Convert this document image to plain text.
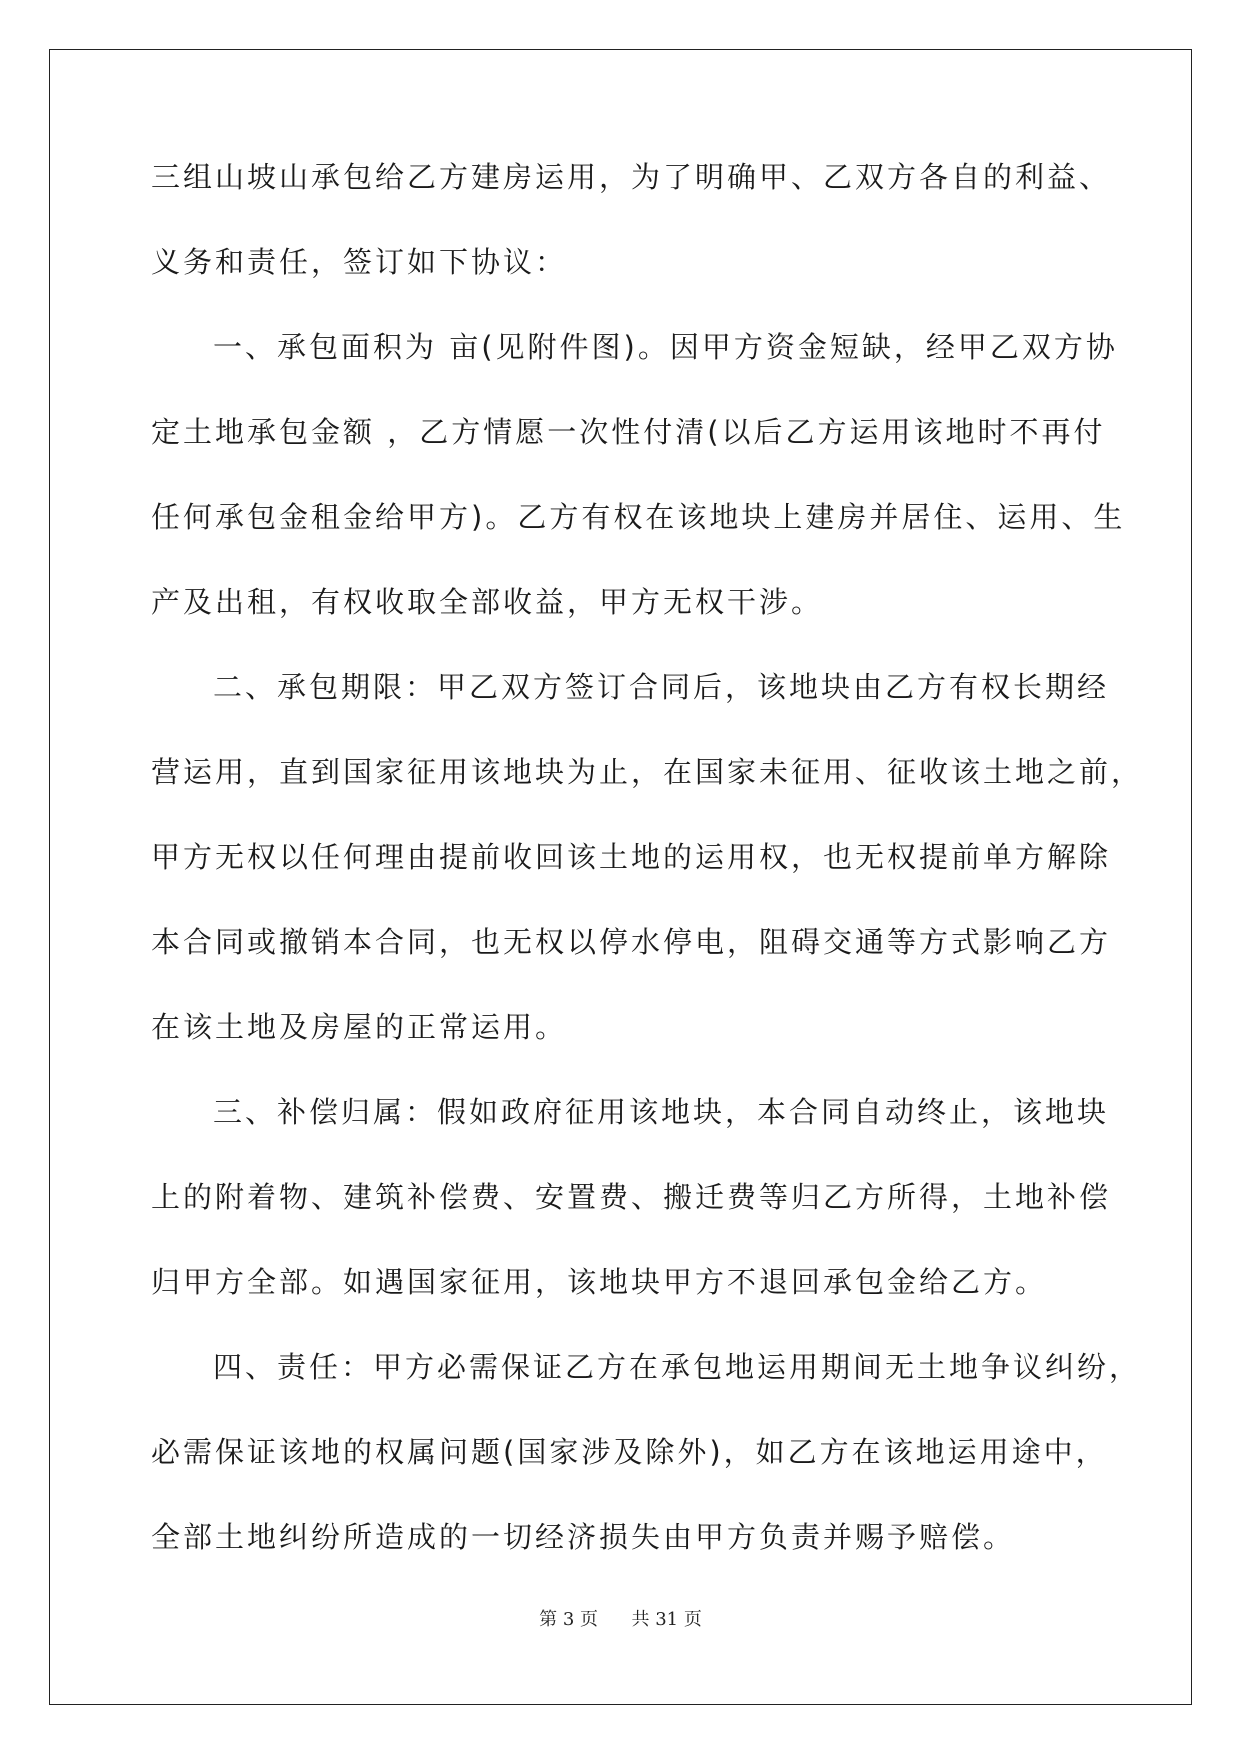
三组山坡山承包给乙方建房运用，为了明确甲、乙双方各自的利益、

义务和责任，签订如下协议：

一、承包面积为 亩(见附件图)。因甲方资金短缺，经甲乙双方协

定土地承包金额 ，乙方情愿一次性付清(以后乙方运用该地时不再付

任何承包金租金给甲方)。乙方有权在该地块上建房并居住、运用、生

产及出租，有权收取全部收益，甲方无权干涉。

二、承包期限：甲乙双方签订合同后，该地块由乙方有权长期经

营运用，直到国家征用该地块为止，在国家未征用、征收该土地之前，

甲方无权以任何理由提前收回该土地的运用权，也无权提前单方解除

本合同或撤销本合同，也无权以停水停电，阻碍交通等方式影响乙方

在该土地及房屋的正常运用。

三、补偿归属：假如政府征用该地块，本合同自动终止，该地块

上的附着物、建筑补偿费、安置费、搬迁费等归乙方所得，土地补偿

归甲方全部。如遇国家征用，该地块甲方不退回承包金给乙方。

四、责任：甲方必需保证乙方在承包地运用期间无土地争议纠纷，

必需保证该地的权属问题(国家涉及除外)，如乙方在该地运用途中，

全部土地纠纷所造成的一切经济损失由甲方负责并赐予赔偿。

第 3 页 共 31 页
